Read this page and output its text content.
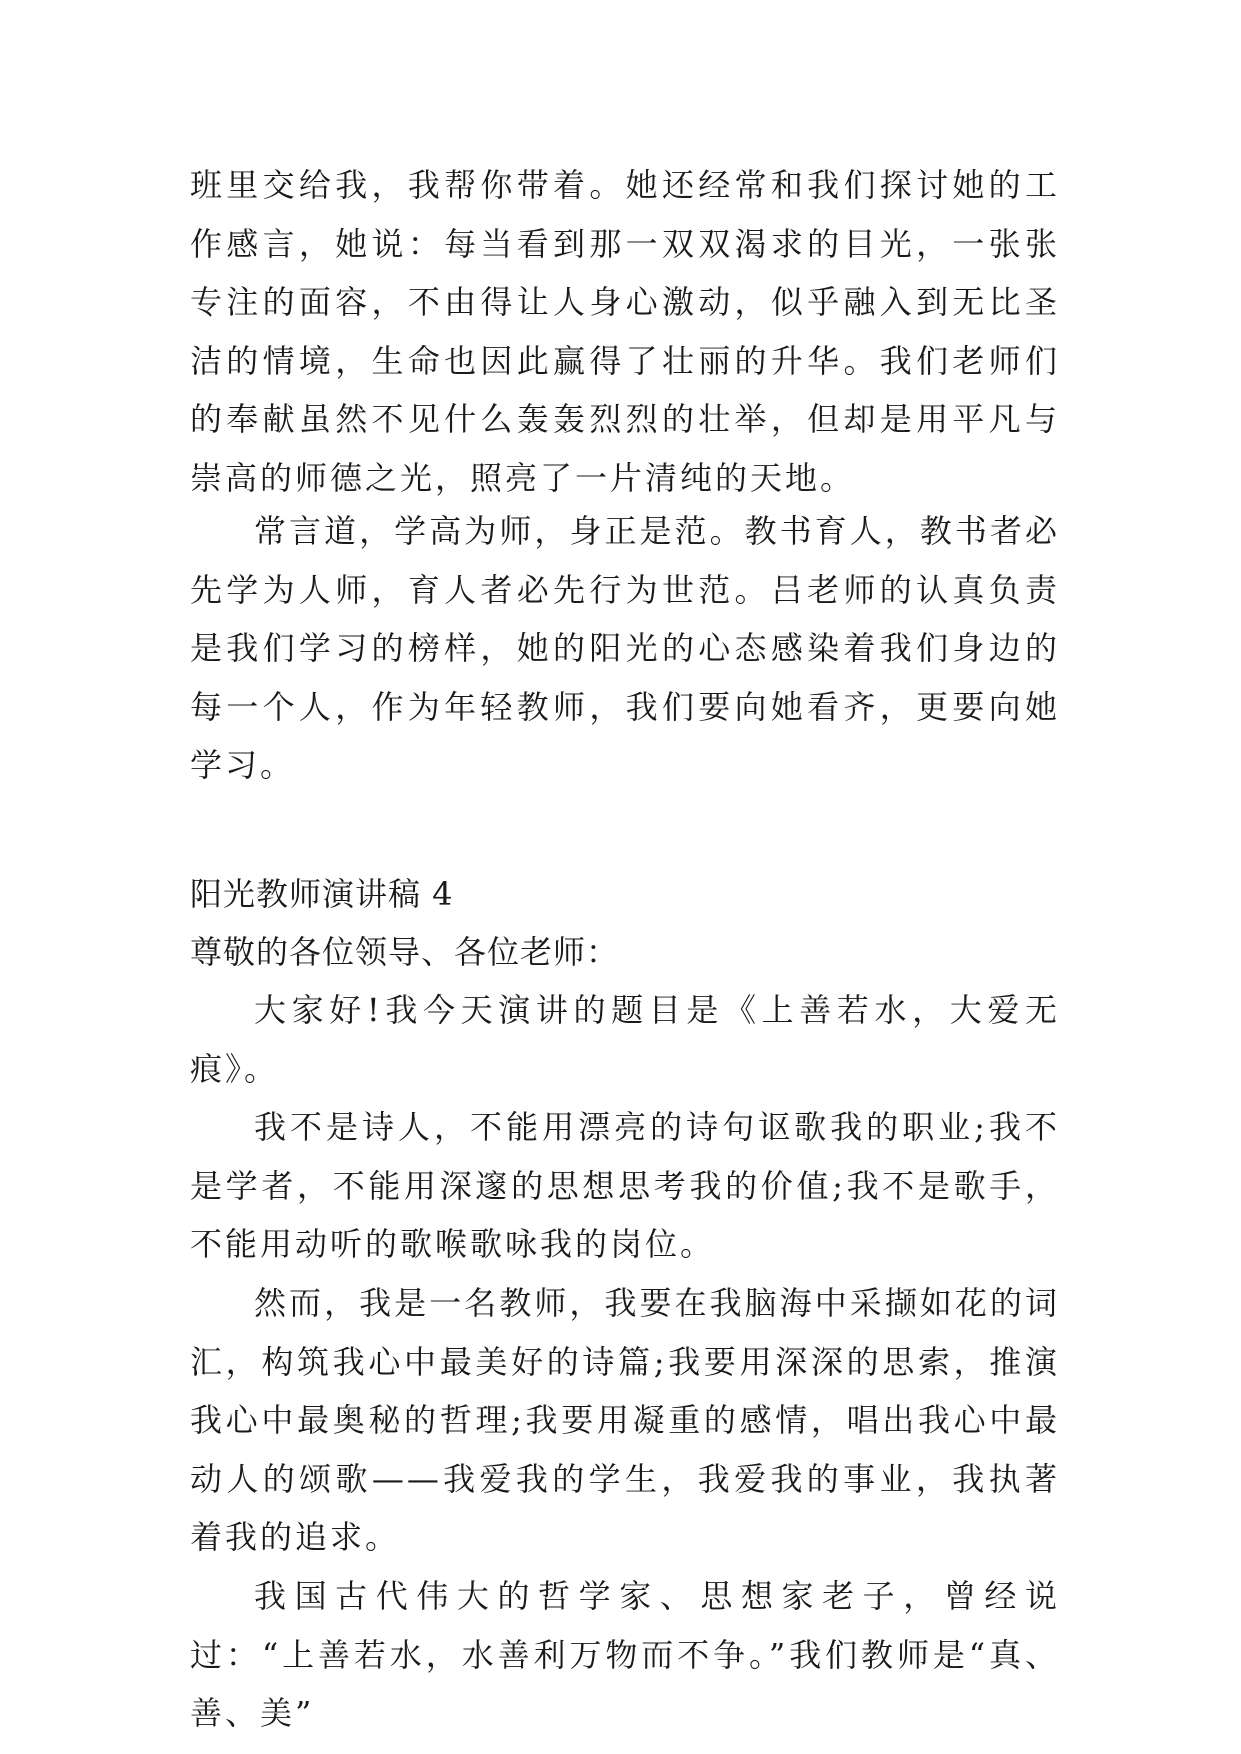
班里交给我，我帮你带着。她还经常和我们探讨她的工作感言，她说：每当看到那一双双渴求的目光，一张张专注的面容，不由得让人身心激动，似乎融入到无比圣洁的情境，生命也因此赢得了壮丽的升华。我们老师们的奉献虽然不见什么轰轰烈烈的壮举，但却是用平凡与崇高的师德之光，照亮了一片清纯的天地。

常言道，学高为师，身正是范。教书育人，教书者必先学为人师，育人者必先行为世范。吕老师的认真负责是我们学习的榜样，她的阳光的心态感染着我们身边的每一个人，作为年轻教师，我们要向她看齐，更要向她学习。

阳光教师演讲稿 4

尊敬的各位领导、各位老师：

大家好!我今天演讲的题目是《上善若水，大爱无痕》。

我不是诗人，不能用漂亮的诗句讴歌我的职业;我不是学者，不能用深邃的思想思考我的价值;我不是歌手，不能用动听的歌喉歌咏我的岗位。

然而，我是一名教师，我要在我脑海中采撷如花的词汇，构筑我心中最美好的诗篇;我要用深深的思索，推演我心中最奥秘的哲理;我要用凝重的感情，唱出我心中最动人的颂歌——我爱我的学生，我爱我的事业，我执著着我的追求。

我国古代伟大的哲学家、思想家老子，曾经说过：“上善若水，水善利万物而不争。”我们教师是“真、善、美”
